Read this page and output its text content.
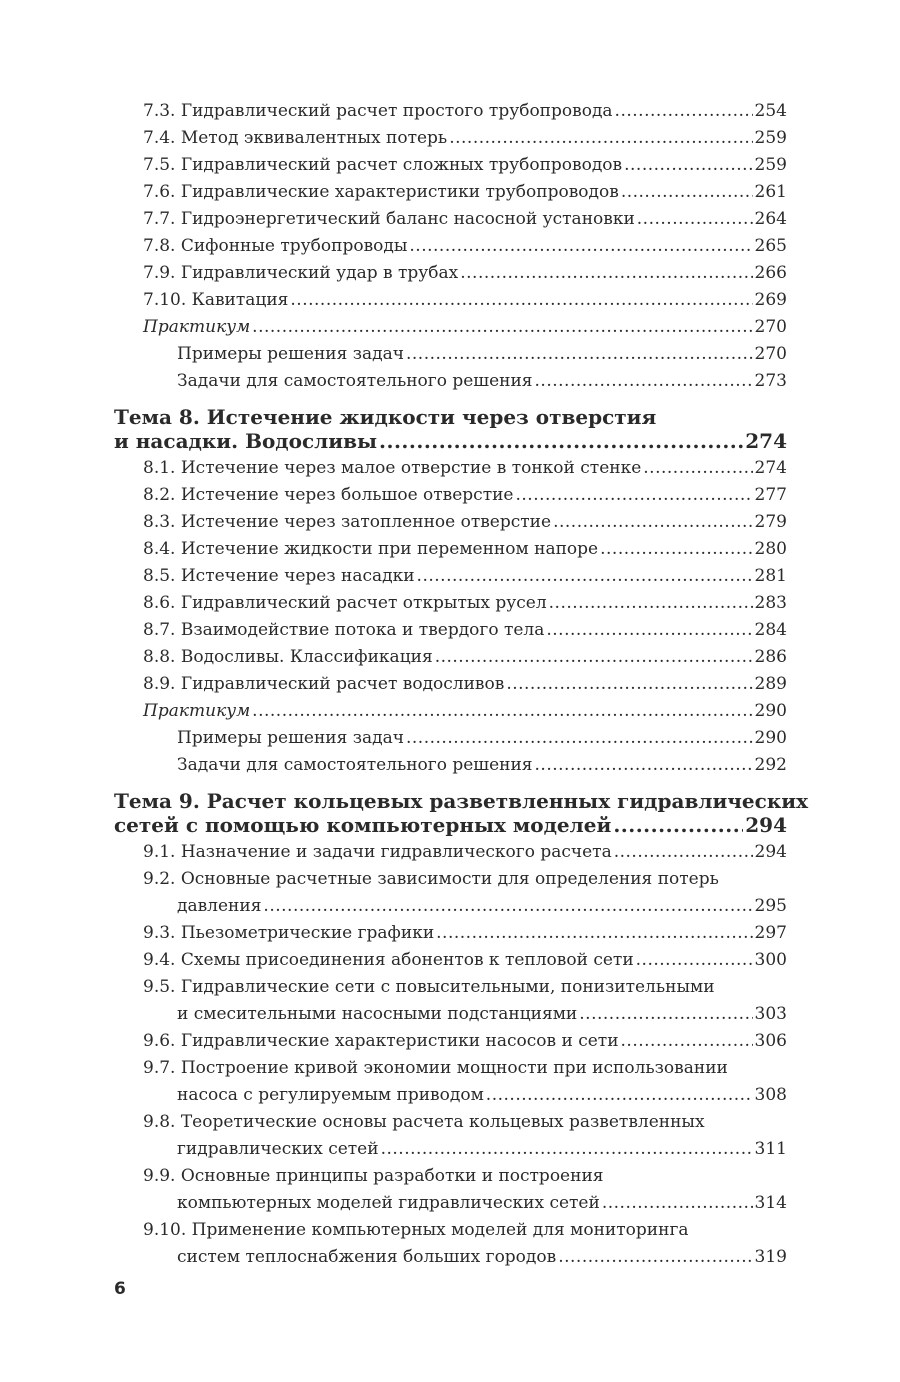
7.3. Гидравлический расчет простого трубопровода .....	254
7.4. Метод эквивалентных потерь .....	259
7.5. Гидравлический расчет сложных трубопроводов .....	259
7.6. Гидравлические характеристики трубопроводов .....	261
7.7. Гидроэнергетический баланс насосной установки .....	264
7.8. Сифонные трубопроводы .....	265
7.9. Гидравлический удар в трубах .....	266
7.10. Кавитация .....	269
Практикум .....	270
Примеры решения задач .....	270
Задачи для самостоятельного решения .....	273
Тема 8. Истечение жидкости через отверстия
и насадки. Водосливы .....	274
8.1. Истечение через малое отверстие в тонкой стенке .....	274
8.2. Истечение через большое отверстие .....	277
8.3. Истечение через затопленное отверстие .....	279
8.4. Истечение жидкости при переменном напоре .....	280
8.5. Истечение через насадки .....	281
8.6. Гидравлический расчет открытых русел .....	283
8.7. Взаимодействие потока и твердого тела .....	284
8.8. Водосливы. Классификация .....	286
8.9. Гидравлический расчет водосливов .....	289
Практикум .....	290
Примеры решения задач .....	290
Задачи для самостоятельного решения .....	292
Тема 9. Расчет кольцевых разветвленных гидравлических
сетей с помощью компьютерных моделей .....	294
9.1. Назначение и задачи гидравлического расчета .....	294
9.2. Основные расчетные зависимости для определения потерь
давления .....	295
9.3. Пьезометрические графики .....	297
9.4. Схемы присоединения абонентов к тепловой сети .....	300
9.5. Гидравлические сети с повысительными, понизительными
и смесительными насосными подстанциями .....	303
9.6. Гидравлические характеристики насосов и сети .....	306
9.7. Построение кривой экономии мощности при использовании
насоса с регулируемым приводом .....	308
9.8. Теоретические основы расчета кольцевых разветвленных
гидравлических сетей .....	311
9.9. Основные принципы разработки и построения
компьютерных моделей гидравлических сетей .....	314
9.10. Применение компьютерных моделей для мониторинга
систем теплоснабжения больших городов .....	319
6
